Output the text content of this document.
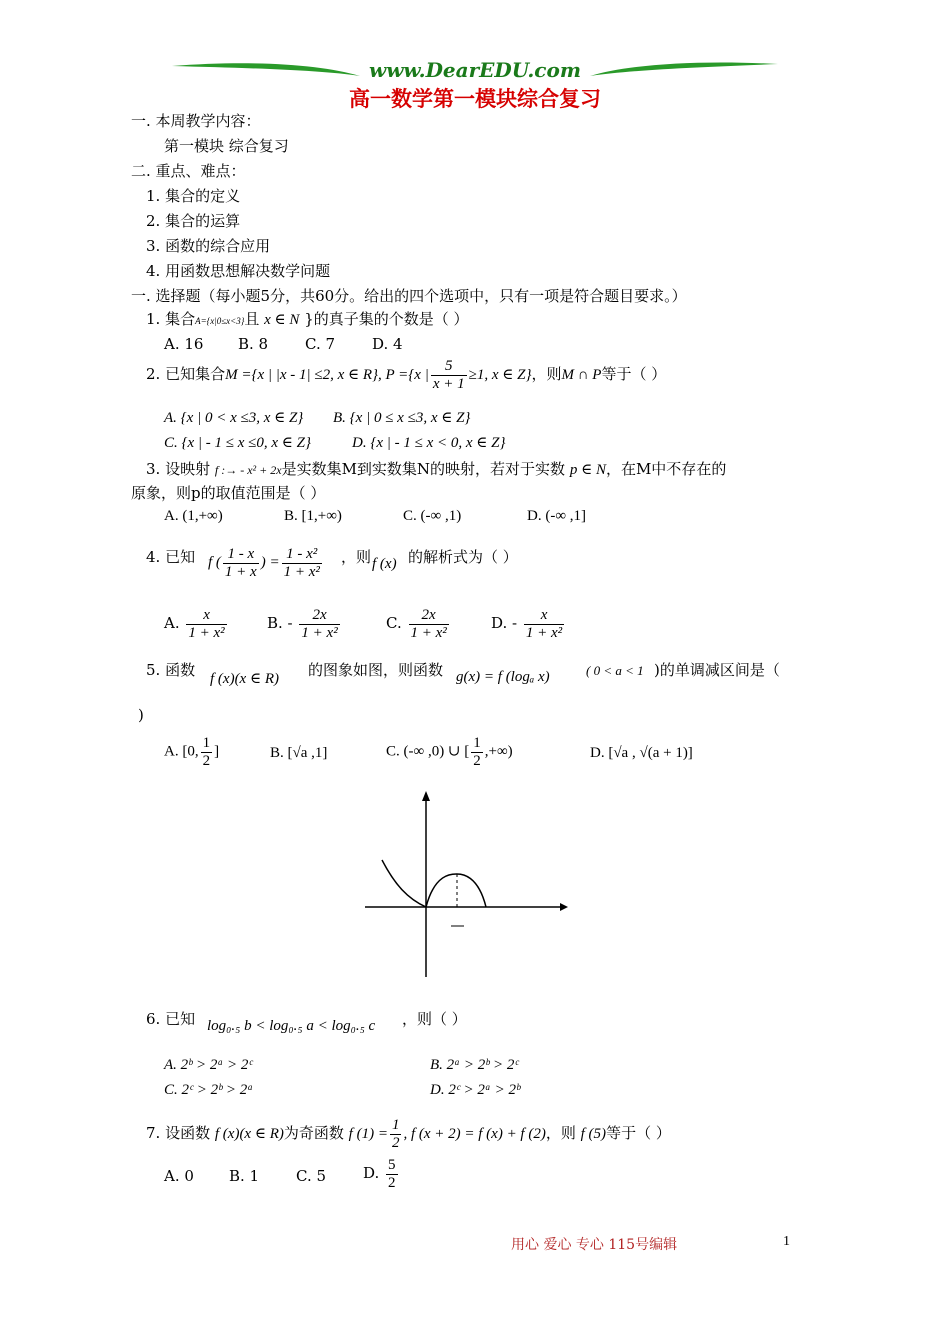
www.DearEDU.com
高一数学第一模块综合复习
一. 本周教学内容：
第一模块 综合复习
二. 重点、难点：
1. 集合的定义
2. 集合的运算
3. 函数的综合应用
4. 用函数思想解决数学问题
一. 选择题（每小题5分，共60分。给出的四个选项中，只有一项是符合题目要求。）
1. 集合A={x|0≤x<3}且 x ∈ N }的真子集的个数是（ ）
A. 16 B. 8 C. 7 D. 4
2. 已知集合M ={x | |x - 1| ≤2, x ∈ R}, P ={x | $\frac{5}{x + 1} \ge 1$, x ∈ Z}，则M ∩ P等于（ ）
A. {x | 0 < x ≤3, x ∈ Z} B. {x | 0 ≤ x ≤3, x ∈ Z}
C. {x | - 1 ≤ x ≤0, x ∈ Z}	D. {x | - 1 ≤ x < 0, x ∈ Z}
3. 设映射 f :→ - x² + 2x是实数集M到实数集N的映射，若对于实数 p ∈ N，在M中不存在的
原象，则p的取值范围是（ ）
A. (1,+∞)	B. [1,+∞)	C. (-∞ ,1)	D. (-∞ ,1]
4. 已知 f ( $\frac{1 - x}{1 + x}$ ) = $\frac{\text{1 - x²}}{\text{1 + x²}}$ ，则 f (x) 的解析式为（ ）
A. $\frac{x}{\text{1 + x²}}$	B. - $\frac{2x}{\text{1 + x²}}$	C. $\frac{2x}{\text{1 + x²}}$	D. - $\frac{x}{\text{1 + x²}}$
5. 函数 f (x)(x ∈ R) 的图象如图，则函数 g(x) = f (logₐ x)	( 0 < a < 1 )的单调减区间是（
)
A. [0, $\frac{1}{2}$ ]	B. [√a ,1]	C. (-∞ ,0) ∪ [ $\frac{1}{2}$ ,+∞)	D. [√a , √(a + 1)]
6. 已知 log₀.₅ b < log₀.₅ a < log₀.₅ c ，则（ ）
A. 2ᵇ > 2ᵃ > 2ᶜ	B. 2ᵃ > 2ᵇ > 2ᶜ
C. 2ᶜ > 2ᵇ > 2ᵃ	D. 2ᶜ > 2ᵃ > 2ᵇ
7. 设函数 f (x)(x ∈ R)为奇函数 f $(1) = \frac{1}{2}$ , f (x + 2) = f (x) + f (2)，则 f (5)等于（ ）
A. 0 B. 1 C. 5 D. $\frac{5}{2}$
用心 爱心 专心 115号编辑	1
